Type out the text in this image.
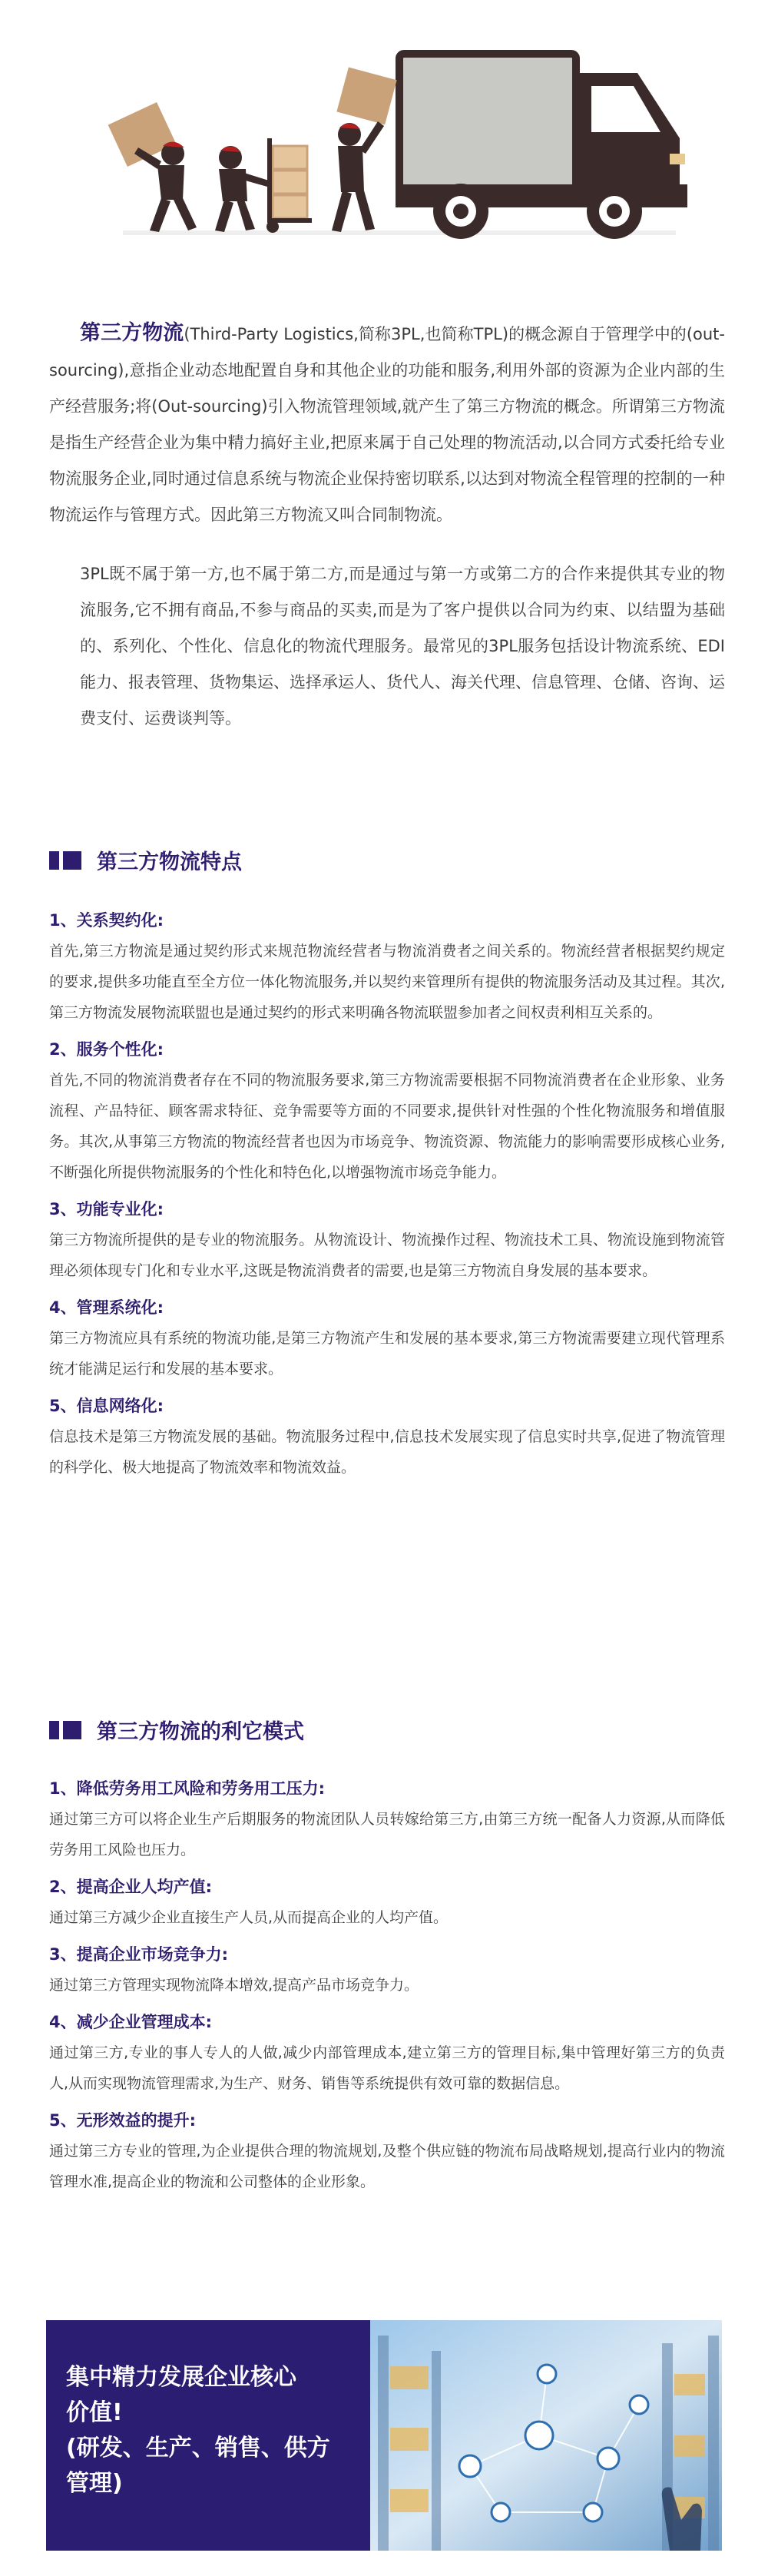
第三方物流(Third-Party Logistics,简称3PL,也简称TPL)的概念源自于管理学中的(out-sourcing),意指企业动态地配置自身和其他企业的功能和服务,利用外部的资源为企业内部的生产经营服务;将(Out-sourcing)引入物流管理领域,就产生了第三方物流的概念。所谓第三方物流是指生产经营企业为集中精力搞好主业,把原来属于自己处理的物流活动,以合同方式委托给专业物流服务企业,同时通过信息系统与物流企业保持密切联系,以达到对物流全程管理的控制的一种物流运作与管理方式。因此第三方物流又叫合同制物流。

3PL既不属于第一方,也不属于第二方,而是通过与第一方或第二方的合作来提供其专业的物流服务,它不拥有商品,不参与商品的买卖,而是为了客户提供以合同为约束、以结盟为基础的、系列化、个性化、信息化的物流代理服务。最常见的3PL服务包括设计物流系统、EDI能力、报表管理、货物集运、选择承运人、货代人、海关代理、信息管理、仓储、咨询、运费支付、运费谈判等。

第三方物流特点
1、关系契约化:
首先,第三方物流是通过契约形式来规范物流经营者与物流消费者之间关系的。物流经营者根据契约规定的要求,提供多功能直至全方位一体化物流服务,并以契约来管理所有提供的物流服务活动及其过程。其次,第三方物流发展物流联盟也是通过契约的形式来明确各物流联盟参加者之间权责利相互关系的。
2、服务个性化:
首先,不同的物流消费者存在不同的物流服务要求,第三方物流需要根据不同物流消费者在企业形象、业务流程、产品特征、顾客需求特征、竞争需要等方面的不同要求,提供针对性强的个性化物流服务和增值服务。其次,从事第三方物流的物流经营者也因为市场竞争、物流资源、物流能力的影响需要形成核心业务,不断强化所提供物流服务的个性化和特色化,以增强物流市场竞争能力。
3、功能专业化:
第三方物流所提供的是专业的物流服务。从物流设计、物流操作过程、物流技术工具、物流设施到物流管理必须体现专门化和专业水平,这既是物流消费者的需要,也是第三方物流自身发展的基本要求。
4、管理系统化:
第三方物流应具有系统的物流功能,是第三方物流产生和发展的基本要求,第三方物流需要建立现代管理系统才能满足运行和发展的基本要求。
5、信息网络化:
信息技术是第三方物流发展的基础。物流服务过程中,信息技术发展实现了信息实时共享,促进了物流管理的科学化、极大地提高了物流效率和物流效益。
第三方物流的利它模式
1、降低劳务用工风险和劳务用工压力:
通过第三方可以将企业生产后期服务的物流团队人员转嫁给第三方,由第三方统一配备人力资源,从而降低劳务用工风险也压力。
2、提高企业人均产值:
通过第三方减少企业直接生产人员,从而提高企业的人均产值。
3、提高企业市场竞争力:
通过第三方管理实现物流降本增效,提高产品市场竞争力。
4、减少企业管理成本:
通过第三方,专业的事人专人的人做,减少内部管理成本,建立第三方的管理目标,集中管理好第三方的负责人,从而实现物流管理需求,为生产、财务、销售等系统提供有效可靠的数据信息。
5、无形效益的提升:
通过第三方专业的管理,为企业提供合理的物流规划,及整个供应链的物流布局战略规划,提高行业内的物流管理水准,提高企业的物流和公司整体的企业形象。
集中精力发展企业核心
价值!
(研发、生产、销售、供方
管理)
